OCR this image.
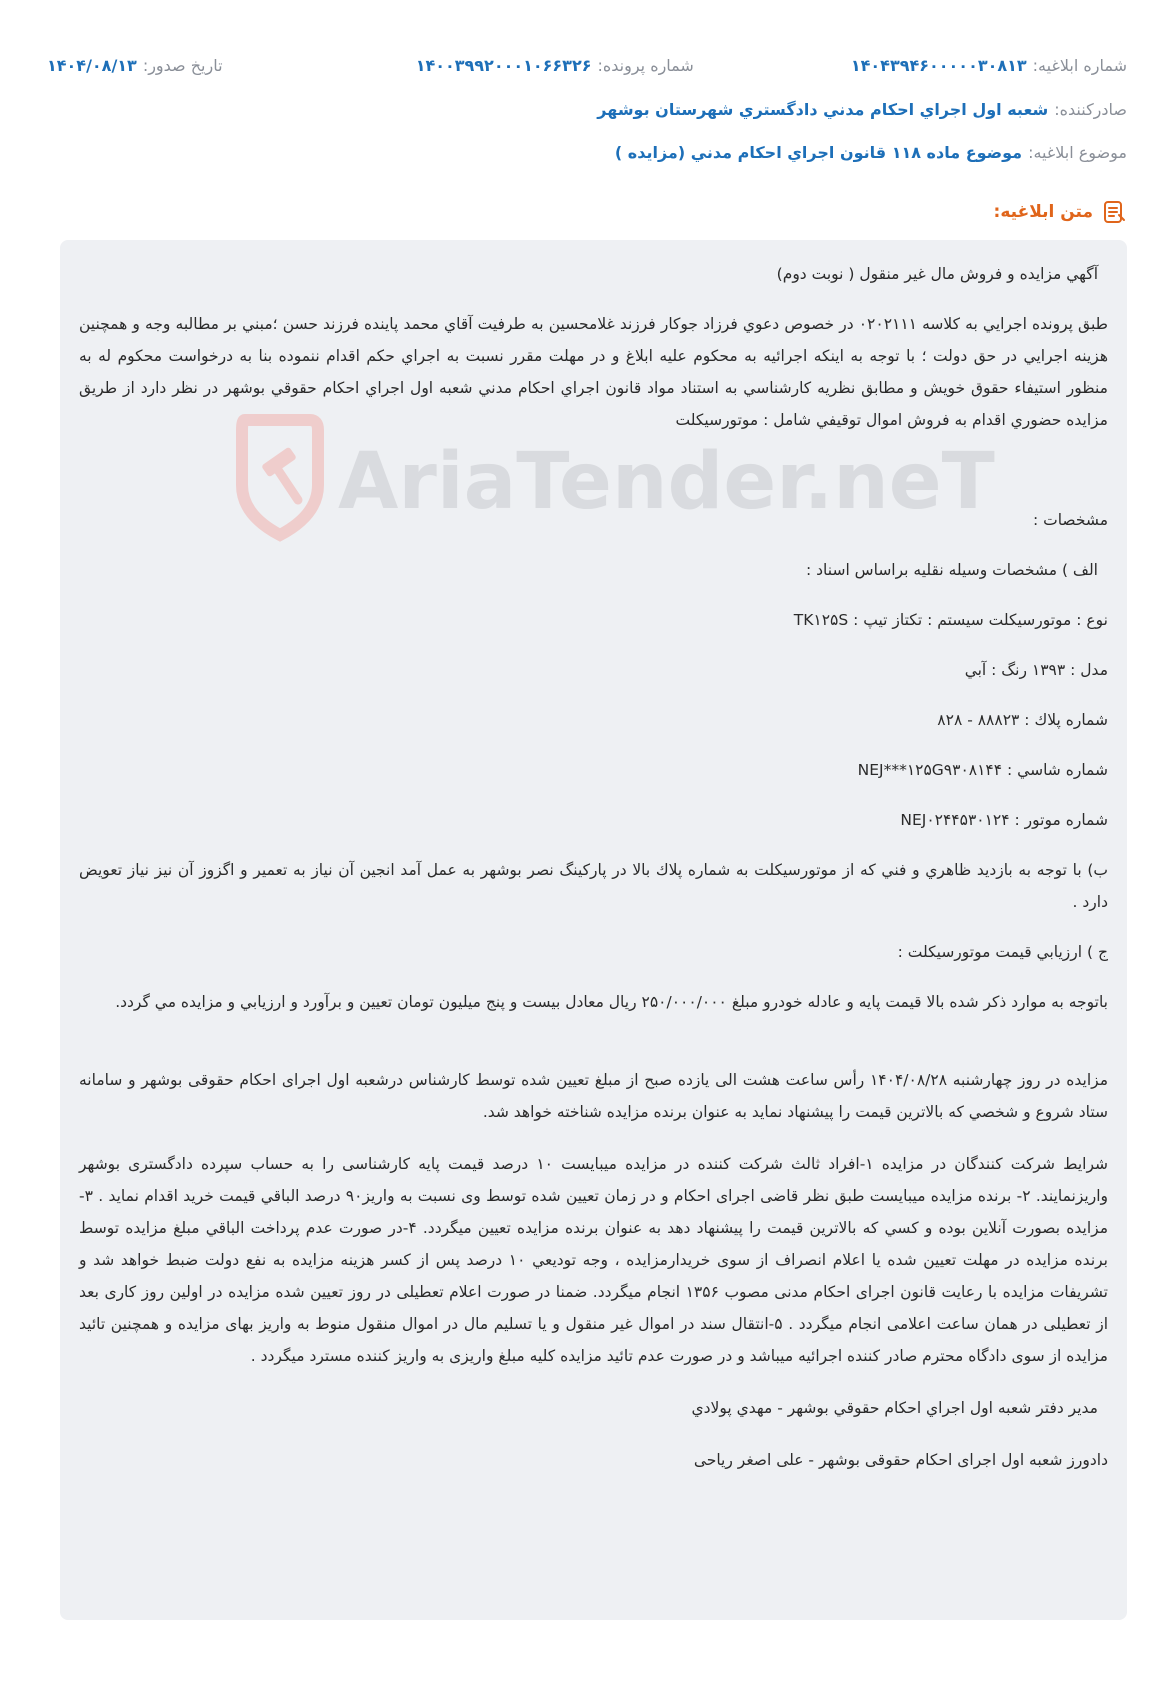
شماره ابلاغيه:
۱۴۰۴۳۹۴۶۰۰۰۰۰۳۰۸۱۳
شماره پرونده:
۱۴۰۰۳۹۹۲۰۰۰۱۰۶۶۳۲۶
تاريخ صدور:
۱۴۰۴/۰۸/۱۳
صادرکننده:
شعبه اول اجراي احكام مدني دادگستري شهرستان بوشهر
موضوع ابلاغيه:
موضوع ماده ۱۱۸ قانون اجراي احکام مدني (مزايده )
متن ابلاغيه:

آگهي مزايده و فروش مال غير منقول ( نوبت دوم)

طبق پرونده اجرايي به كلاسه ۰۲۰۲۱۱۱ در خصوص دعوي فرزاد جوكار فرزند غلامحسين به طرفيت آقاي محمد پاينده فرزند حسن ؛مبني بر مطالبه وجه و همچنين هزينه اجرايي در حق دولت ؛ با توجه به اينكه اجرائيه به محكوم عليه ابلاغ و در مهلت مقرر نسبت به اجراي حكم اقدام ننموده بنا به درخواست محكوم له به منظور استيفاء حقوق خويش و مطابق نظريه كارشناسي به استناد مواد قانون اجراي احكام مدني شعبه اول اجراي احكام حقوقي بوشهر در نظر دارد از طريق مزايده حضوري اقدام به فروش اموال توقيفي شامل : موتورسيكلت

مشخصات :

الف ) مشخصات وسيله نقليه براساس اسناد :

نوع : موتورسيكلت سيستم : تكتاز تيپ : TK۱۲۵S

مدل : ۱۳۹۳ رنگ : آبي

شماره پلاك : ۸۸۸۲۳ - ۸۲۸

شماره شاسي : NEJ***۱۲۵G۹۳۰۸۱۴۴

شماره موتور : NEJ۰۲۴۴۵۳۰۱۲۴

ب) با توجه به بازديد ظاهري و فني كه از موتورسيكلت به شماره پلاك بالا در پاركينگ نصر بوشهر به عمل آمد انجين آن نياز به تعمير و اگزوز آن نيز نياز تعويض دارد .

ج ) ارزيابي قيمت موتورسيكلت :

باتوجه به موارد ذكر شده بالا قيمت پايه و عادله خودرو مبلغ ۲۵۰/۰۰۰/۰۰۰ ريال معادل بيست و پنج ميليون تومان تعيين و برآورد و ارزيابي و مزايده مي گردد.

مزايده در روز چهارشنبه ۱۴۰۴/۰۸/۲۸ رأس ساعت هشت الی يازده صبح از مبلغ تعيين شده توسط کارشناس درشعبه اول اجرای احکام حقوقی بوشهر و سامانه ستاد شروع و شخصي كه بالاترين قيمت را پيشنهاد نمايد به عنوان برنده مزايده شناخته خواهد شد.

شرايط شركت كنندگان در مزايده ۱-افراد ثالث شرکت کننده در مزایده میبایست ۱۰ درصد قیمت پایه کارشناسی را به حساب سپرده دادگستری بوشهر واریزنمایند. ۲- برنده مزايده ميبايست طبق نظر قاضی اجرای احکام و در زمان تعيين شده توسط وی نسبت به واريز۹۰ درصد الباقي قيمت خريد اقدام نمايد . ۳- مزايده بصورت آنلاين بوده و كسي كه بالاترين قيمت را پيشنهاد دهد به عنوان برنده مزايده تعيين ميگردد. ۴-در صورت عدم پرداخت الباقي مبلغ مزايده توسط برنده مزايده در مهلت تعيين شده يا اعلام انصراف از سوی خريدارمزايده ، وجه توديعي ۱۰ درصد پس از كسر هزينه مزايده به نفع دولت ضبط خواهد شد و تشريفات مزايده با رعايت قانون اجرای احكام مدنی مصوب ۱۳۵۶ انجام ميگردد. ضمنا در صورت اعلام تعطيلی در روز تعيين شده مزايده در اولين روز كاری بعد از تعطيلی در همان ساعت اعلامی انجام ميگردد . ۵-انتقال سند در اموال غیر منقول و یا تسلیم مال در اموال منقول منوط به واریز بهای مزایده و همچنین تائید مزایده از سوی دادگاه محترم صادر کننده اجرائیه میباشد و در صورت عدم تائید مزایده کلیه مبلغ واریزی به واریز کننده مسترد میگردد .

مدير دفتر شعبه اول اجراي احكام حقوقي بوشهر - مهدي پولادي

دادورز شعبه اول اجرای احکام حقوقی بوشهر - علی اصغر رياحی

AriaTender.neT
